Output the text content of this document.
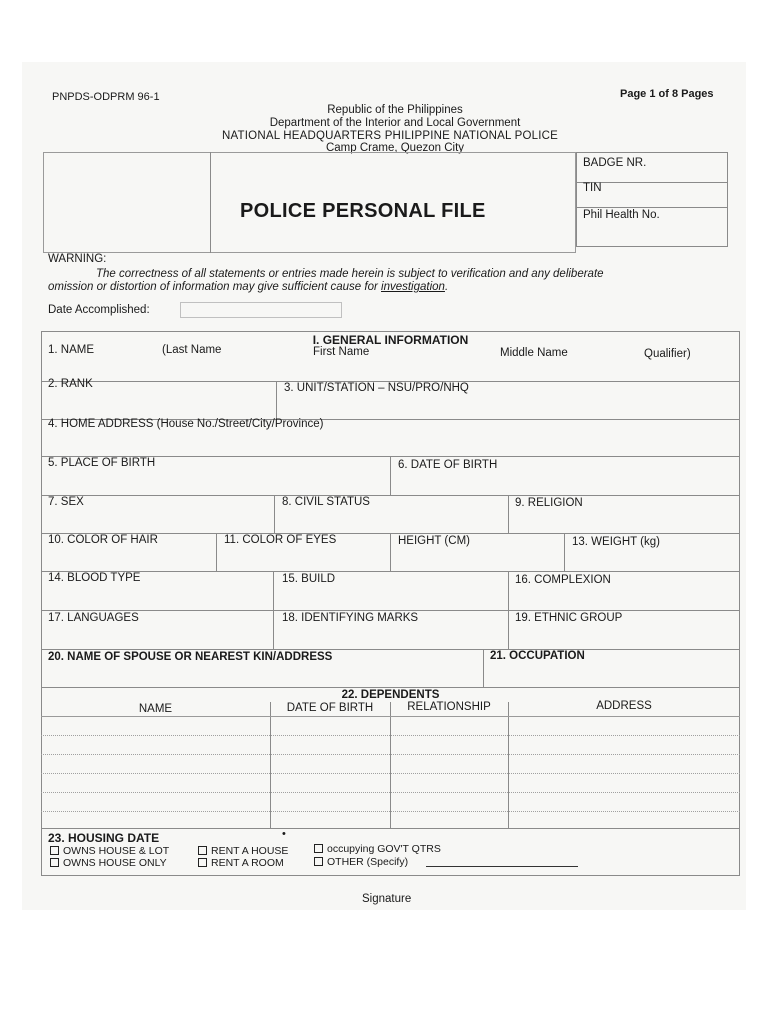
PNPDS-ODPRM 96-1	Page 1 of 8 Pages
Republic of the Philippines
Department of the Interior and Local Government
NATIONAL HEADQUARTERS PHILIPPINE NATIONAL POLICE
Camp Crame, Quezon City
POLICE PERSONAL FILE
BADGE NR.
TIN
Phil Health No.
WARNING:
The correctness of all statements or entries made herein is subject to verification and any deliberate
omission or distortion of information may give sufficient cause for investigation.
Date Accomplished:
I. GENERAL INFORMATION
1. NAME	(Last Name	First Name	Middle Name	Qualifier)
2. RANK	3. UNIT/STATION – NSU/PRO/NHQ
4. HOME ADDRESS (House No./Street/City/Province)
5. PLACE OF BIRTH	6. DATE OF BIRTH
7. SEX	8. CIVIL STATUS	9. RELIGION
10. COLOR OF HAIR	11. COLOR OF EYES	HEIGHT (CM)	13. WEIGHT (kg)
14. BLOOD TYPE	15. BUILD	16. COMPLEXION
17. LANGUAGES	18. IDENTIFYING MARKS	19. ETHNIC GROUP
20. NAME OF SPOUSE OR NEAREST KIN/ADDRESS	21. OCCUPATION
22. DEPENDENTS
NAME	DATE OF BIRTH	RELATIONSHIP	ADDRESS
23. HOUSING DATE	•
OWNS HOUSE & LOT	RENT A HOUSE	occupying GOV'T QTRS
OWNS HOUSE ONLY	RENT A ROOM	OTHER (Specify)
Signature
